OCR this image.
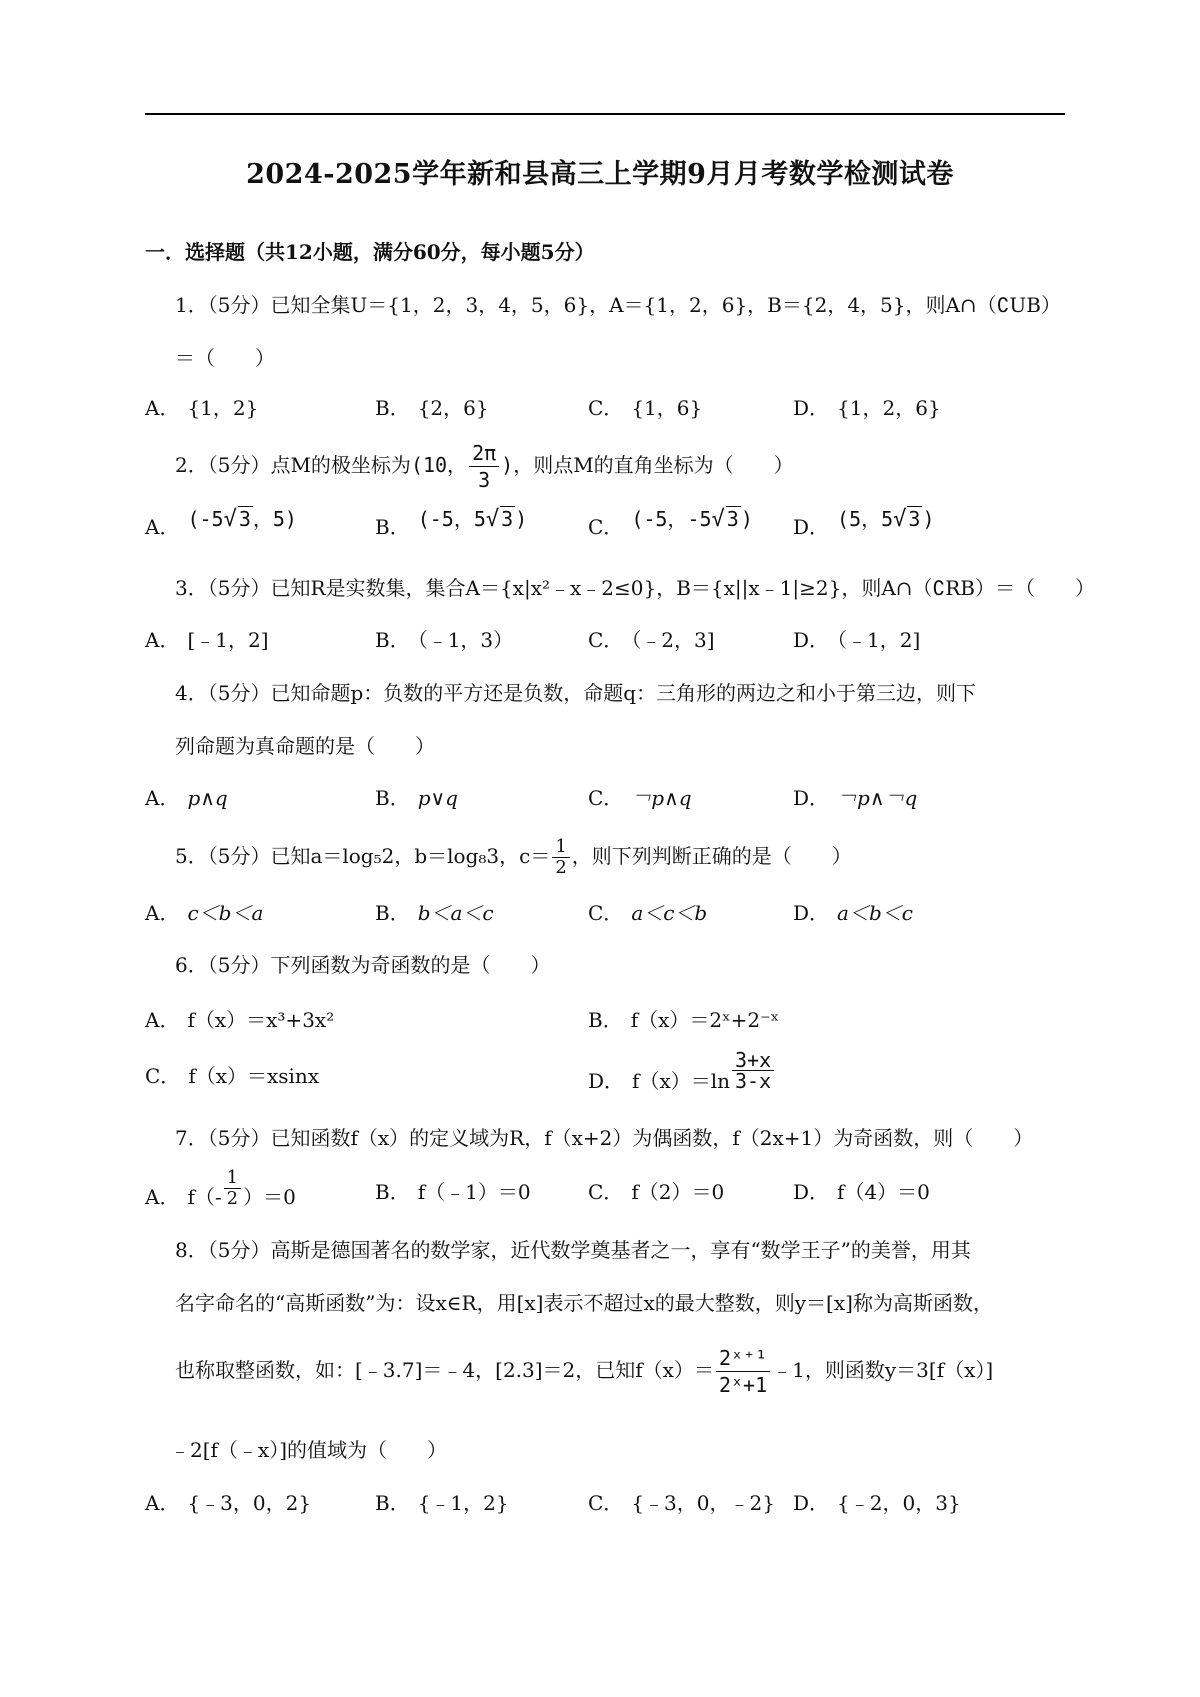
2024-2025学年新和县高三上学期9月月考数学检测试卷
一．选择题（共12小题，满分60分，每小题5分）
1．（5分）已知全集U＝{1，2，3，4，5，6}，A＝{1，2，6}，B＝{2，4，5}，则A∩（∁UB）
＝（　　）
A． {1，2}	B． {2，6}	C． {1，6}	D． {1，2，6}
2．（5分）点M的极坐标为(10， $\frac{2\pi}{3}$ )，则点M的直角坐标为（　　）
A． (-5√ 3 ，5)	B． (-5，5√ 3 )	C． (-5，-5√ 3 ) D． (5，5√ 3 )
3．（5分）已知R是实数集，集合A＝{x|x²﹣x﹣2≤0}，B＝{x||x﹣1|≥2}，则A∩（∁RB）＝（　　）
A． [﹣1，2]	B． （﹣1，3）	C． （﹣2，3]	D． （﹣1，2]
4．（5分）已知命题p：负数的平方还是负数，命题q：三角形的两边之和小于第三边，则下
列命题为真命题的是（　　）
A． p∧q	B． p∨q	C． ￢p∧q	D． ￢p∧￢q
5．（5分）已知a＝log₅2，b＝log₈3，$c= \frac{1}{2}$ ，则下列判断正确的是（　　）
A． c＜b＜a	B． b＜a＜c	C． a＜c＜b	D． a＜b＜c
6．（5分）下列函数为奇函数的是（　　）
A． f（x）＝x³+3x²	B． f（x）＝2ˣ+2⁻ˣ
C． f（x）＝xsinx	D． $f(x)=\ln \frac{3+x}{3-x}$
7．（5分）已知函数f（x）的定义域为R，f（x+2）为偶函数，f（2x+1）为奇函数，则（　　）
A． $f(- \frac{1}{2} )=0$	B． f（﹣1）＝0	C． f（2）＝0	D． f（4）＝0
8．（5分）高斯是德国著名的数学家，近代数学奠基者之一，享有“数学王子”的美誉，用其
名字命名的“高斯函数”为：设x∈R，用[x]表示不超过x的最大整数，则y＝[x]称为高斯函数，
也称取整函数，如：[﹣3.7]＝﹣4，[2.3]＝2，已知$f(x)= \frac{\text{2ˣ⁺¹}}{\text{2ˣ+1}}$ ﹣1，则函数y＝3[f（x）]
﹣2[f（﹣x）]的值域为（　　）
A． {﹣3，0，2}	B． {﹣1，2}	C． {﹣3，0，﹣2} D． {﹣2，0，3}
